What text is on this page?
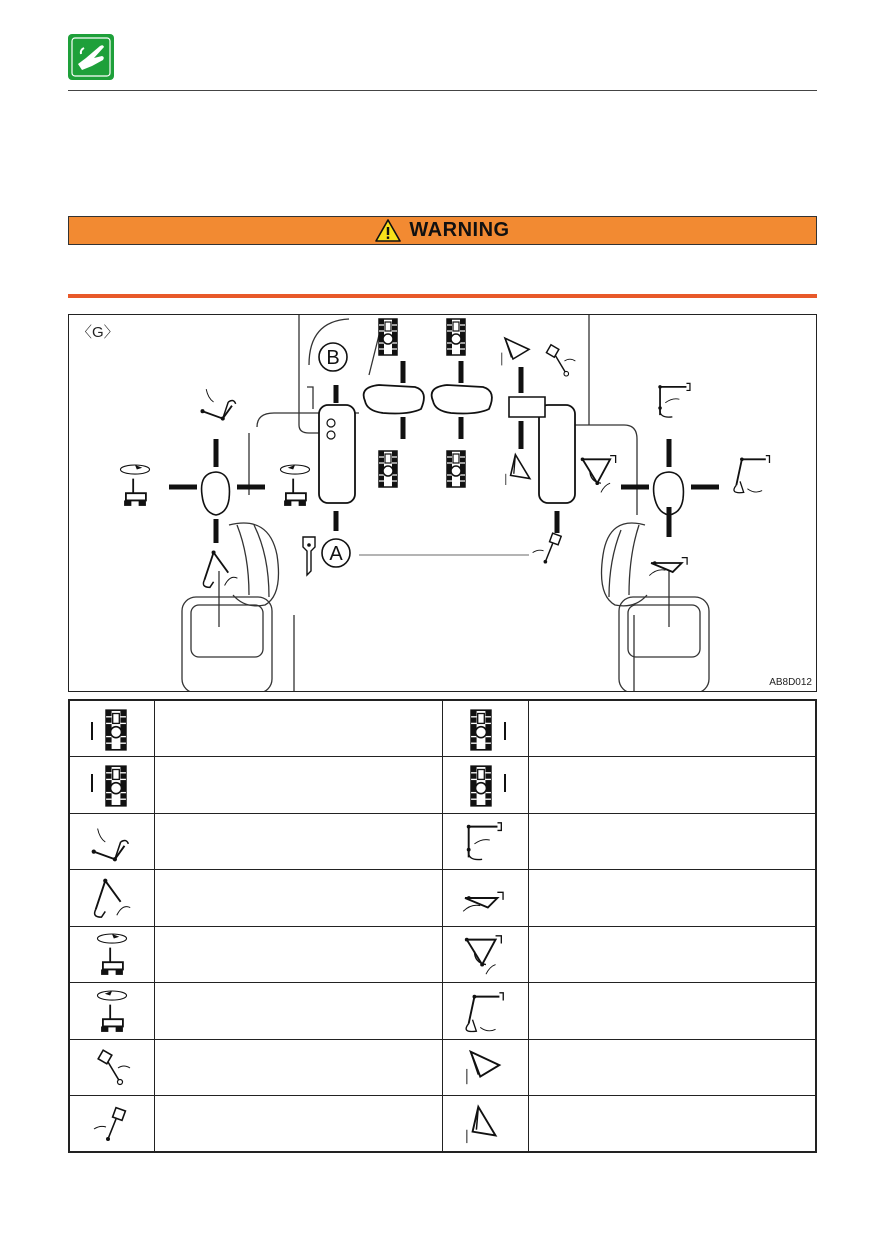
WARNING
〈G〉
B
A
AB8D012
